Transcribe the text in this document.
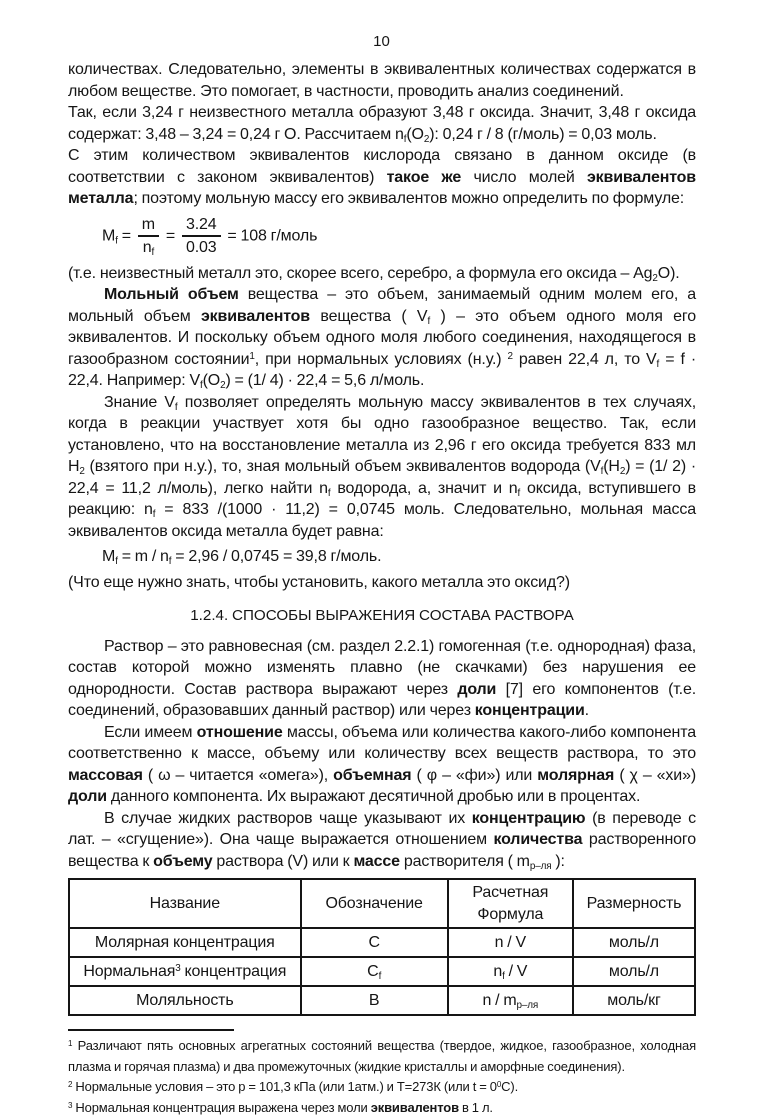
10

количествах. Следовательно, элементы в эквивалентных количествах содержатся в любом веществе. Это помогает, в частности, проводить анализ соединений.

Так, если 3,24 г неизвестного металла образуют 3,48 г оксида. Значит, 3,48 г оксида содержат: 3,48 – 3,24 = 0,24 г О. Рассчитаем $n_f(O_2)$: 0,24 г / 8 (г/моль) = 0,03 моль.

С этим количеством эквивалентов кислорода связано в данном оксиде (в соответствии с законом эквивалентов) такое же число молей эквивалентов металла; поэтому мольную массу его эквивалентов можно определить по формуле:

$M_f = \frac{m}{n_f} = \frac{3.24}{0.03} = 108$ г/моль

(т.е. неизвестный металл это, скорее всего, серебро, а формула его оксида – $Ag_2O$).

Мольный объем вещества – это объем, занимаемый одним молем его, а мольный объем эквивалентов вещества ( $V_f$ ) – это объем одного моля его эквивалентов. И поскольку объем одного моля любого соединения, находящегося в газообразном состоянии$^1$, при нормальных условиях (н.у.) $^2$ равен 22,4 л, то $V_f = f \cdot 22,4$. Например: $V_f(O_2) = (1/$ 4) · 22,4 = 5,6 л/моль.

Знание $V_f$ позволяет определять мольную массу эквивалентов в тех случаях, когда в реакции участвует хотя бы одно газообразное вещество. Так, если установлено, что на восстановление металла из 2,96 г его оксида требуется 833 мл $H_2$ (взятого при н.у.), то, зная мольный объем эквивалентов водорода ($V_f(H_2) = (1/$ 2) · 22,4 = 11,2 л/моль), легко найти $n_f$ водорода, а, значит и $n_f$ оксида, вступившего в реакцию: $n_f = 833$ /(1000 · 11,2) = 0,0745 моль. Следовательно, мольная масса эквивалентов оксида металла будет равна:

$M_f = m / n_f = 2,96 / 0,0745 = 39,8$ г/моль.

(Что еще нужно знать, чтобы установить, какого металла это оксид?)

1.2.4. СПОСОБЫ ВЫРАЖЕНИЯ СОСТАВА РАСТВОРА

Раствор – это равновесная (см. раздел 2.2.1) гомогенная (т.е. однородная) фаза, состав которой можно изменять плавно (не скачками) без нарушения ее однородности. Состав раствора выражают через доли [7] его компонентов (т.е. соединений, образовавших данный раствор) или через концентрации.

Если имеем отношение массы, объема или количества какого-либо компонента соответственно к массе, объему или количеству всех веществ раствора, то это массовая ( ω – читается «омега»), объемная ( φ – «фи») или молярная ( χ – «хи») доли данного компонента. Их выражают десятичной дробью или в процентах.

В случае жидких растворов чаще указывают их концентрацию (в переводе с лат. – «сгущение»). Она чаще выражается отношением количества растворенного вещества к объему раствора (V) или к массе растворителя ( $m_{р-ля}$ ):

Название	Обозначение	Расчетная Формула	Размерность
Молярная концентрация	C	n / V	моль/л
Нормальная$^3$ концентрация	$C_f$	$n_f$ / V	моль/л
Моляльность	B	n / $m_{р-ля}$	моль/кг

$^1$ Различают пять основных агрегатных состояний вещества (твердое, жидкое, газообразное, холодная плазма и горячая плазма) и два промежуточных (жидкие кристаллы и аморфные соединения).

$^2$ Нормальные условия – это p = 101,3 кПа (или 1атм.) и Т=273К (или $t = 0^0С$).

$^3$ Нормальная концентрация выражена через моли эквивалентов в 1 л.
